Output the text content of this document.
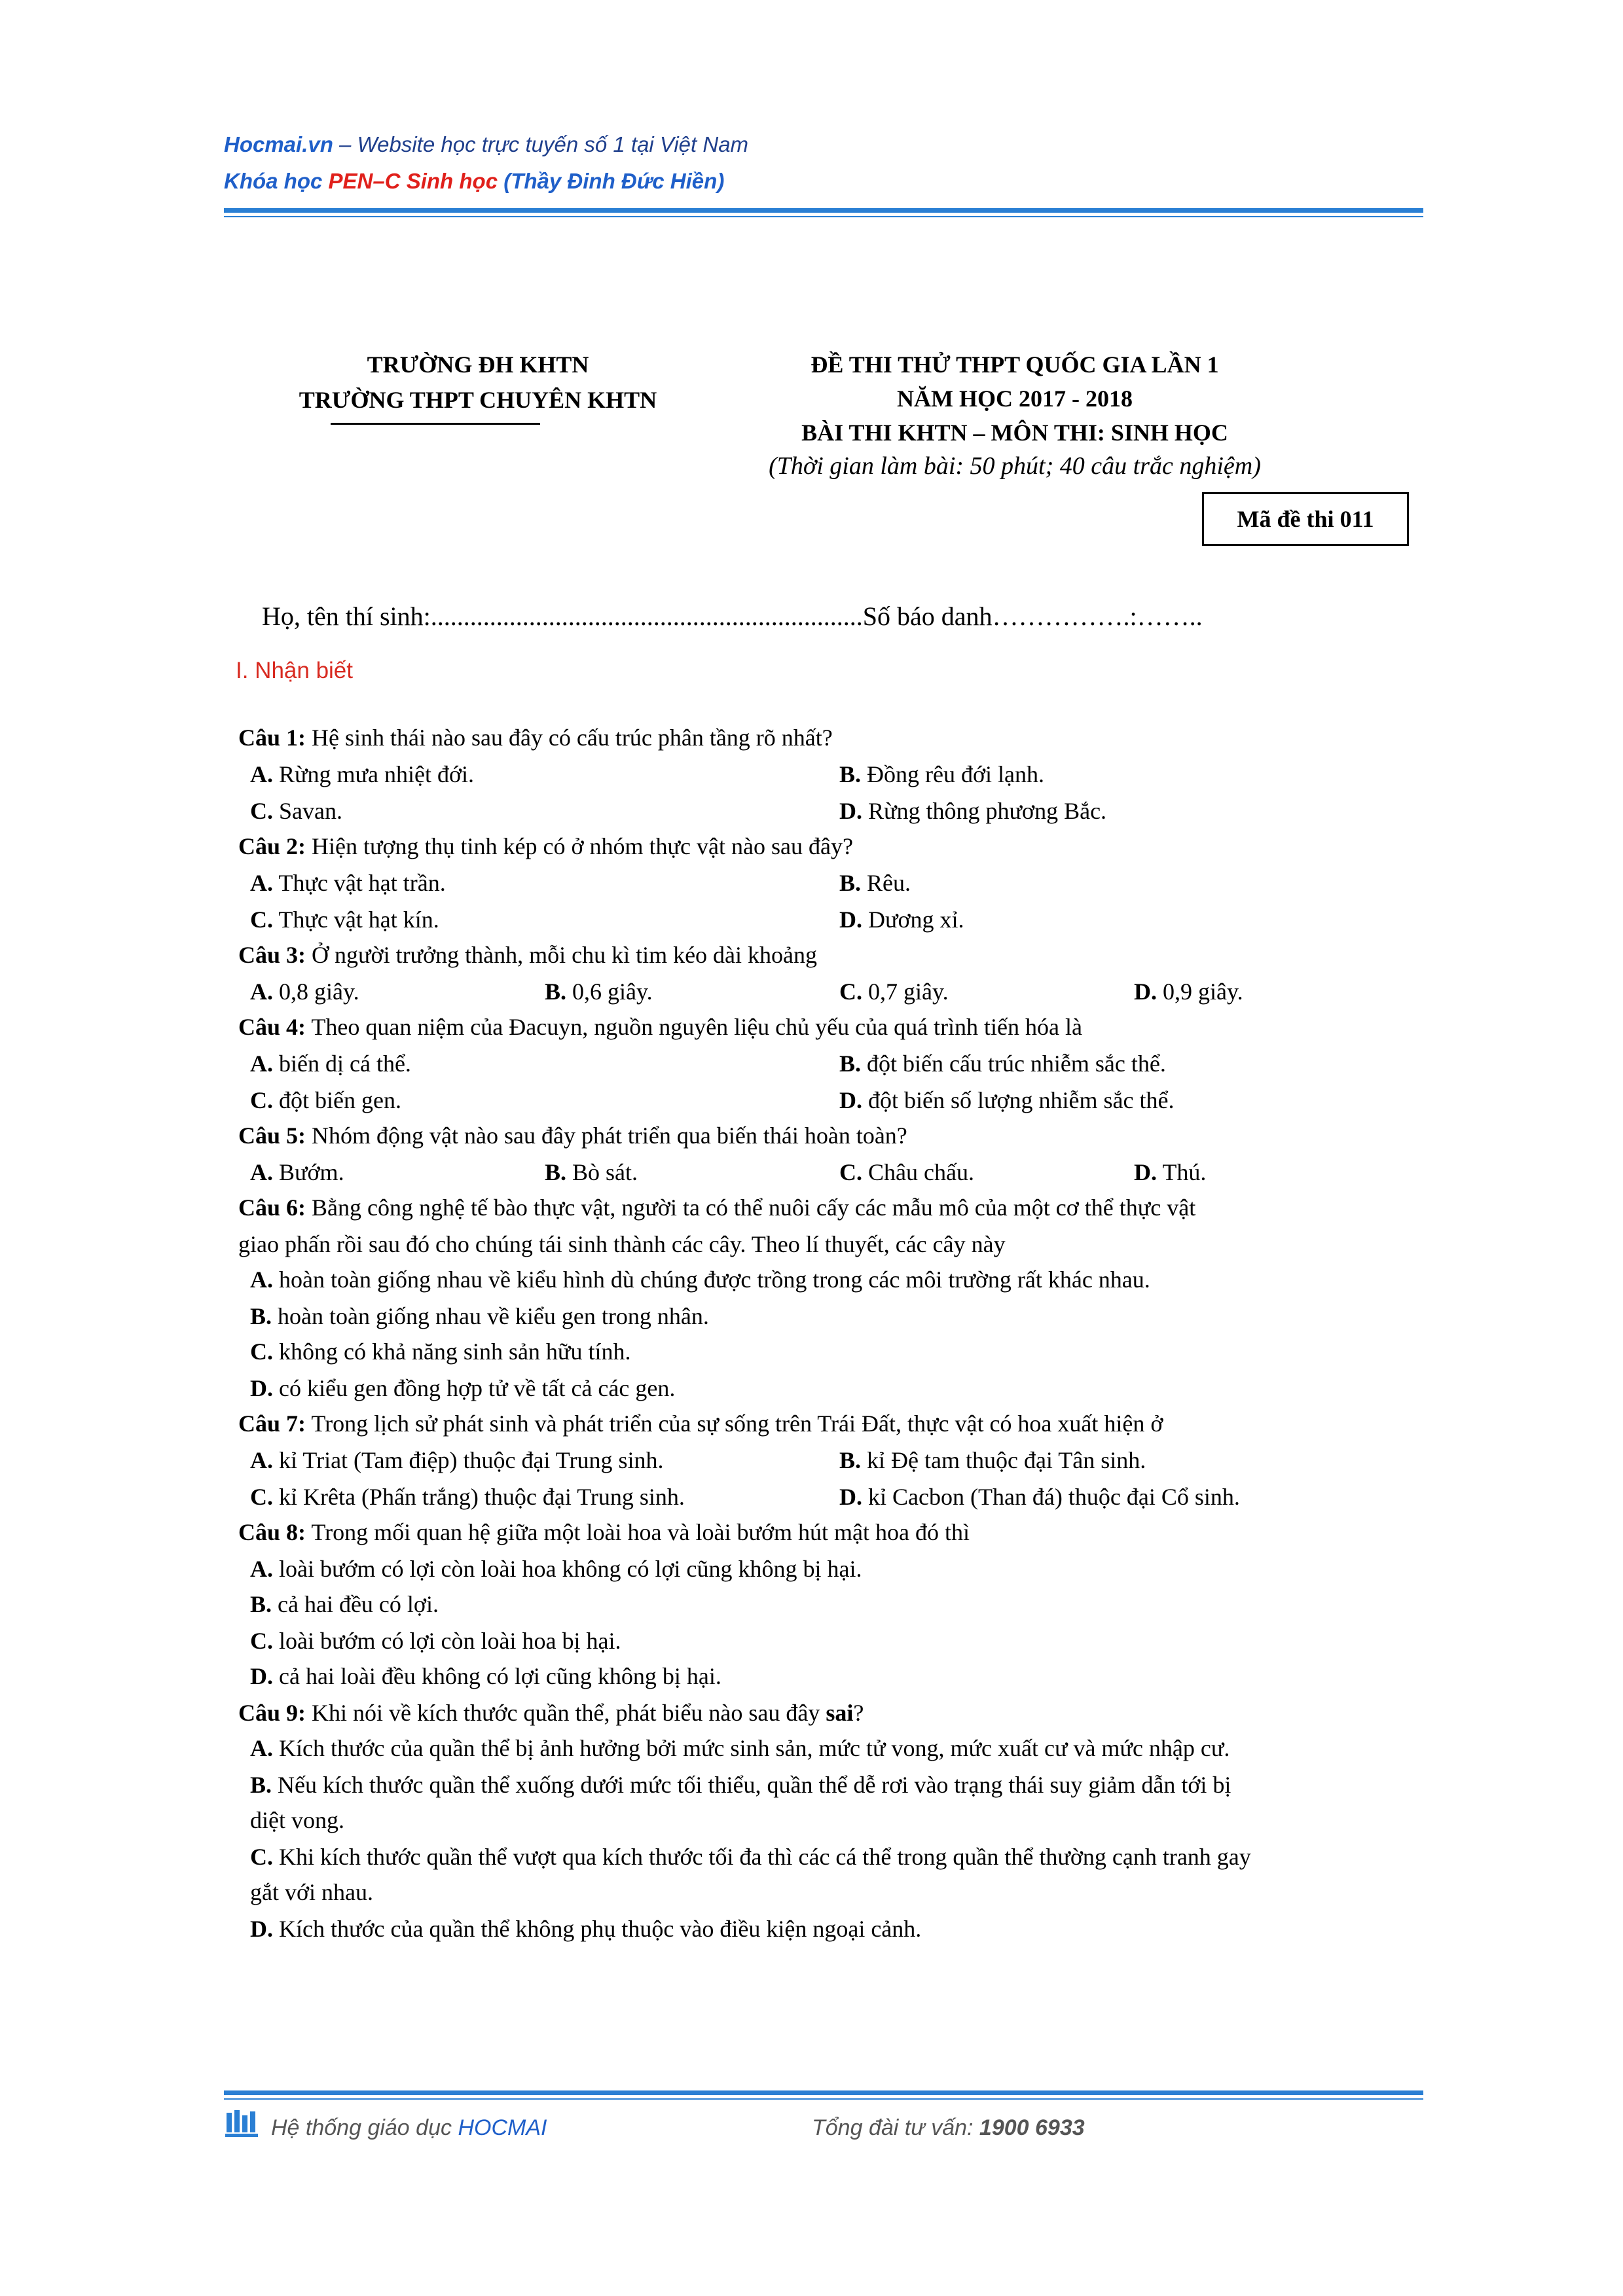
Hocmai.vn – Website học trực tuyến số 1 tại Việt Nam
Khóa học PEN–C Sinh học (Thầy Đinh Đức Hiền)
TRƯỜNG ĐH KHTN
TRƯỜNG THPT CHUYÊN KHTN
ĐỀ THI THỬ THPT QUỐC GIA LẦN 1
NĂM HỌC 2017 - 2018
BÀI THI KHTN – MÔN THI: SINH HỌC
(Thời gian làm bài: 50 phút; 40 câu trắc nghiệm)
Mã đề thi 011
Họ, tên thí sinh:..................................................................Số báo danh…………….:……..
I. Nhận biết
Câu 1: Hệ sinh thái nào sau đây có cấu trúc phân tầng rõ nhất?
A. Rừng mưa nhiệt đới.	B. Đồng rêu đới lạnh.
C. Savan.	D. Rừng thông phương Bắc.
Câu 2: Hiện tượng thụ tinh kép có ở nhóm thực vật nào sau đây?
A. Thực vật hạt trần.	B. Rêu.
C. Thực vật hạt kín.	D. Dương xỉ.
Câu 3: Ở người trưởng thành, mỗi chu kì tim kéo dài khoảng
A. 0,8 giây.	B. 0,6 giây.	C. 0,7 giây.	D. 0,9 giây.
Câu 4: Theo quan niệm của Đacuyn, nguồn nguyên liệu chủ yếu của quá trình tiến hóa là
A. biến dị cá thể.	B. đột biến cấu trúc nhiễm sắc thể.
C. đột biến gen.	D. đột biến số lượng nhiễm sắc thể.
Câu 5: Nhóm động vật nào sau đây phát triển qua biến thái hoàn toàn?
A. Bướm.	B. Bò sát.	C. Châu chấu.	D. Thú.
Câu 6: Bằng công nghệ tế bào thực vật, người ta có thể nuôi cấy các mẫu mô của một cơ thể thực vật
giao phấn rồi sau đó cho chúng tái sinh thành các cây. Theo lí thuyết, các cây này
A. hoàn toàn giống nhau về kiểu hình dù chúng được trồng trong các môi trường rất khác nhau.
B. hoàn toàn giống nhau về kiểu gen trong nhân.
C. không có khả năng sinh sản hữu tính.
D. có kiểu gen đồng hợp tử về tất cả các gen.
Câu 7: Trong lịch sử phát sinh và phát triển của sự sống trên Trái Đất, thực vật có hoa xuất hiện ở
A. kỉ Triat (Tam điệp) thuộc đại Trung sinh.	B. kỉ Đệ tam thuộc đại Tân sinh.
C. kỉ Krêta (Phấn trắng) thuộc đại Trung sinh.	D. kỉ Cacbon (Than đá) thuộc đại Cổ sinh.
Câu 8: Trong mối quan hệ giữa một loài hoa và loài bướm hút mật hoa đó thì
A. loài bướm có lợi còn loài hoa không có lợi cũng không bị hại.
B. cả hai đều có lợi.
C. loài bướm có lợi còn loài hoa bị hại.
D. cả hai loài đều không có lợi cũng không bị hại.
Câu 9: Khi nói về kích thước quần thể, phát biểu nào sau đây sai?
A. Kích thước của quần thể bị ảnh hưởng bởi mức sinh sản, mức tử vong, mức xuất cư và mức nhập cư.
B. Nếu kích thước quần thể xuống dưới mức tối thiểu, quần thể dễ rơi vào trạng thái suy giảm dẫn tới bị
diệt vong.
C. Khi kích thước quần thể vượt qua kích thước tối đa thì các cá thể trong quần thể thường cạnh tranh gay
gắt với nhau.
D. Kích thước của quần thể không phụ thuộc vào điều kiện ngoại cảnh.
Hệ thống giáo dục HOCMAI	Tổng đài tư vấn: 1900 6933
